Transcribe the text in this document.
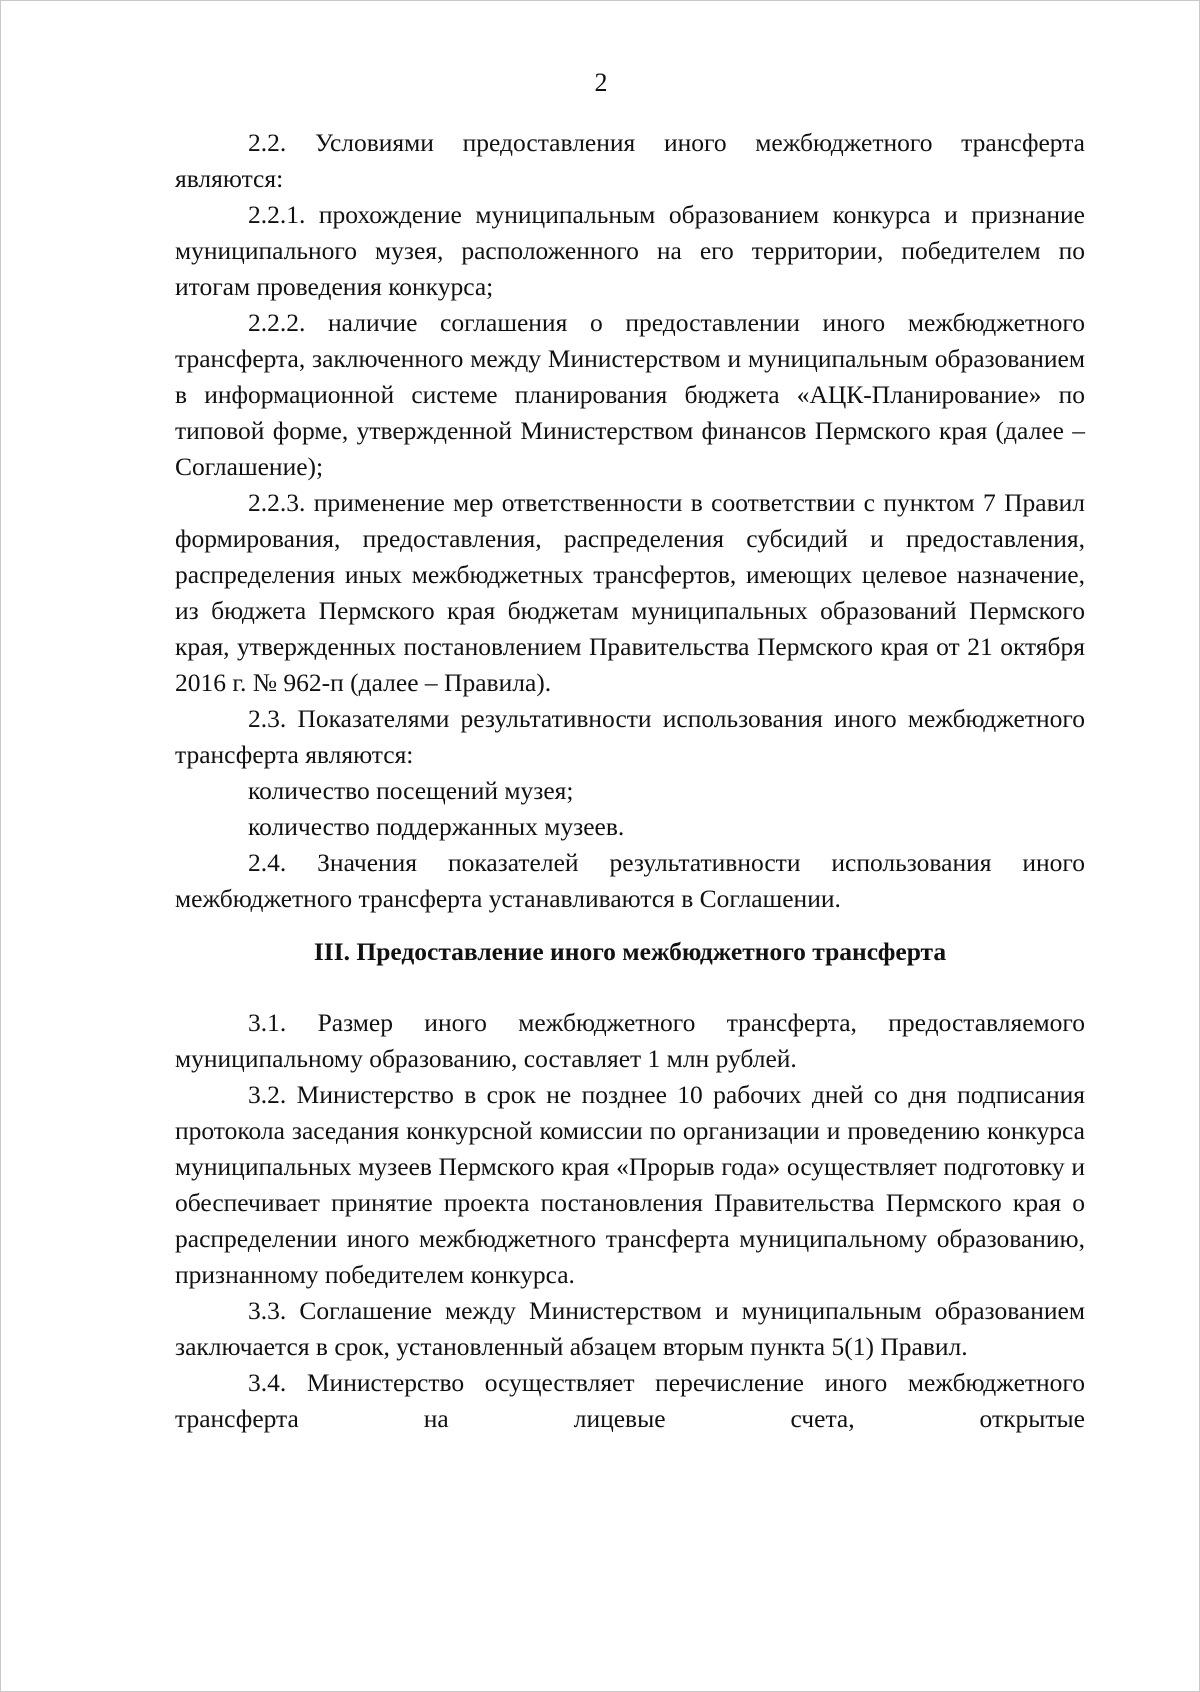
2

2.2. Условиями предоставления иного межбюджетного трансферта являются:

2.2.1. прохождение муниципальным образованием конкурса и признание муниципального музея, расположенного на его территории, победителем по итогам проведения конкурса;

2.2.2. наличие соглашения о предоставлении иного межбюджетного трансферта, заключенного между Министерством и муниципальным образованием в информационной системе планирования бюджета «АЦК-Планирование» по типовой форме, утвержденной Министерством финансов Пермского края (далее – Соглашение);

2.2.3. применение мер ответственности в соответствии с пунктом 7 Правил формирования, предоставления, распределения субсидий и предоставления, распределения иных межбюджетных трансфертов, имеющих целевое назначение, из бюджета Пермского края бюджетам муниципальных образований Пермского края, утвержденных постановлением Правительства Пермского края от 21 октября 2016 г. № 962-п (далее – Правила).

2.3. Показателями результативности использования иного межбюджетного трансферта являются:

количество посещений музея;

количество поддержанных музеев.

2.4. Значения показателей результативности использования иного межбюджетного трансферта устанавливаются в Соглашении.

III. Предоставление иного межбюджетного трансферта

3.1. Размер иного межбюджетного трансферта, предоставляемого муниципальному образованию, составляет 1 млн рублей.

3.2. Министерство в срок не позднее 10 рабочих дней со дня подписания протокола заседания конкурсной комиссии по организации и проведению конкурса муниципальных музеев Пермского края «Прорыв года» осуществляет подготовку и обеспечивает принятие проекта постановления Правительства Пермского края о распределении иного межбюджетного трансферта муниципальному образованию, признанному победителем конкурса.

3.3. Соглашение между Министерством и муниципальным образованием заключается в срок, установленный абзацем вторым пункта 5(1) Правил.

3.4. Министерство осуществляет перечисление иного межбюджетного трансферта на лицевые счета, открытые
